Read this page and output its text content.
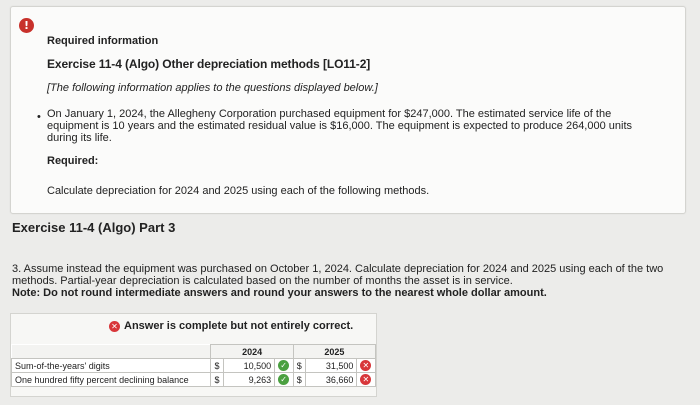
!
Required information
Exercise 11-4 (Algo) Other depreciation methods [LO11-2]
[The following information applies to the questions displayed below.]
• On January 1, 2024, the Allegheny Corporation purchased equipment for $247,000. The estimated service life of the equipment is 10 years and the estimated residual value is $16,000. The equipment is expected to produce 264,000 units during its life.
Required:
Calculate depreciation for 2024 and 2025 using each of the following methods.
Exercise 11-4 (Algo) Part 3
3. Assume instead the equipment was purchased on October 1, 2024. Calculate depreciation for 2024 and 2025 using each of the two methods. Partial-year depreciation is calculated based on the number of months the asset is in service.
Note: Do not round intermediate answers and round your answers to the nearest whole dollar amount.
✕ Answer is complete but not entirely correct.
	2024			2025		
Sum-of-the-years' digits	$	10,500	✓	$	31,500	✕
One hundred fifty percent declining balance	$	9,263	✓	$	36,660	✕
